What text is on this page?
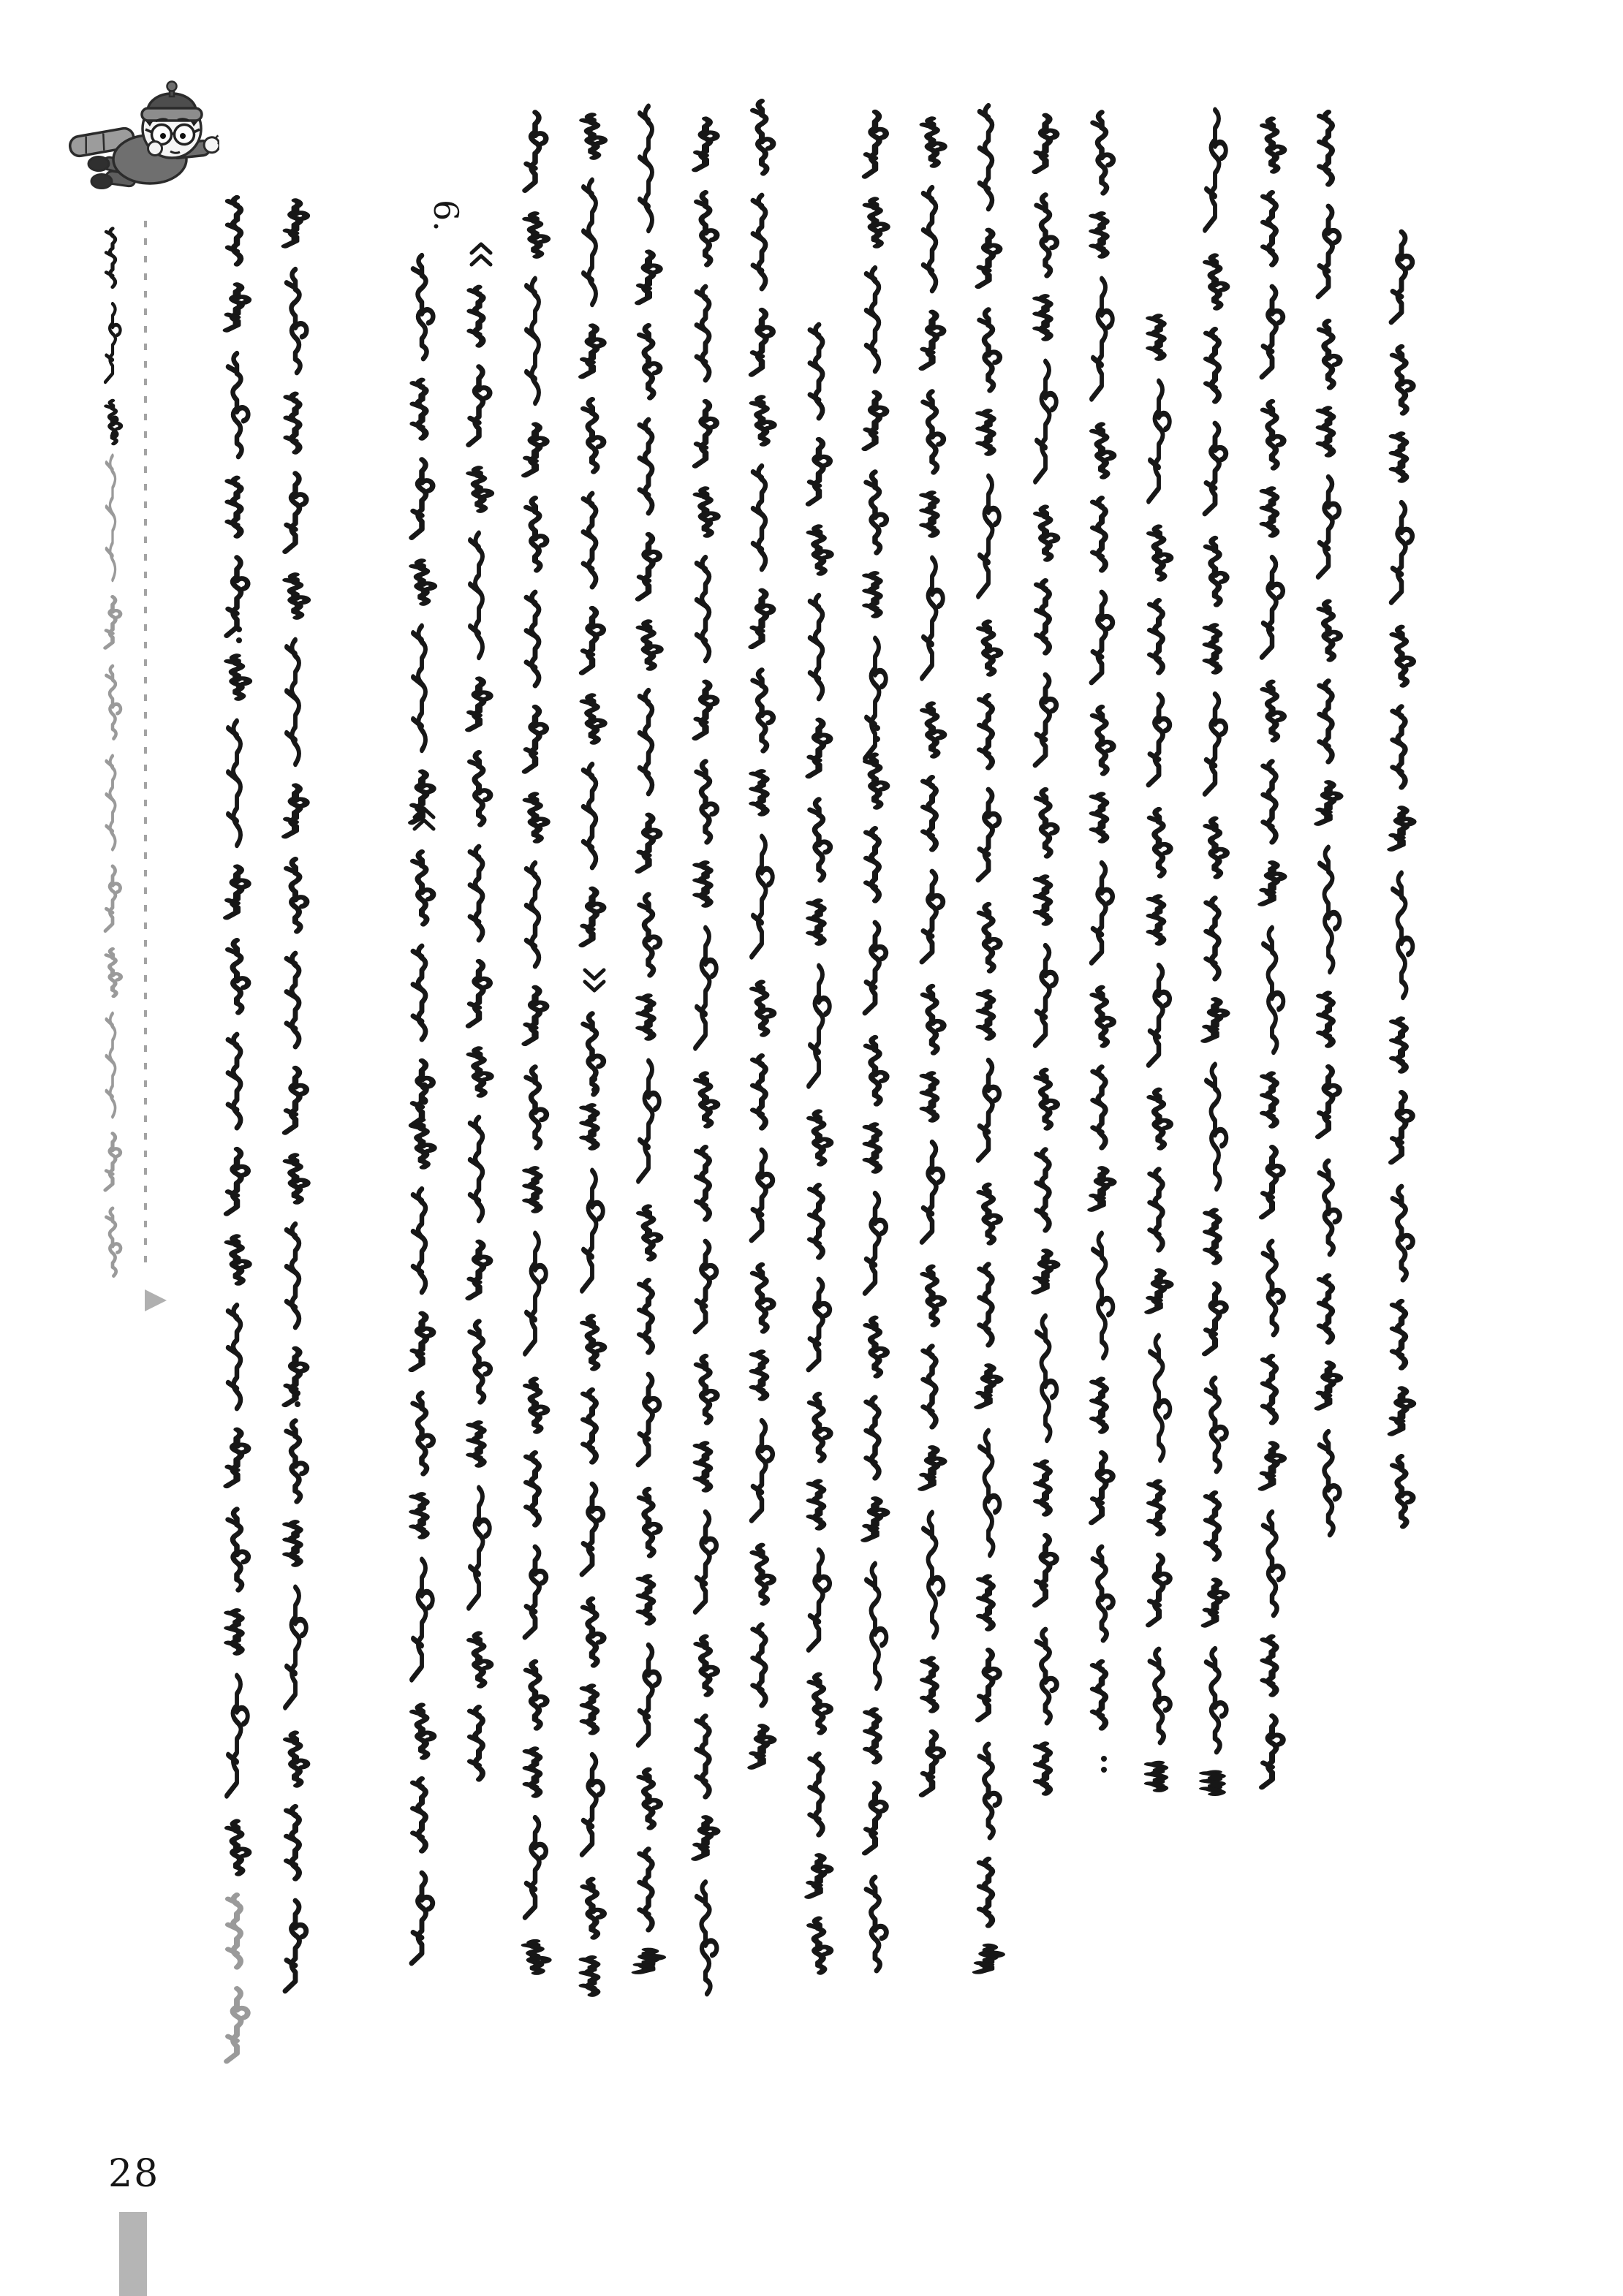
6.
28
